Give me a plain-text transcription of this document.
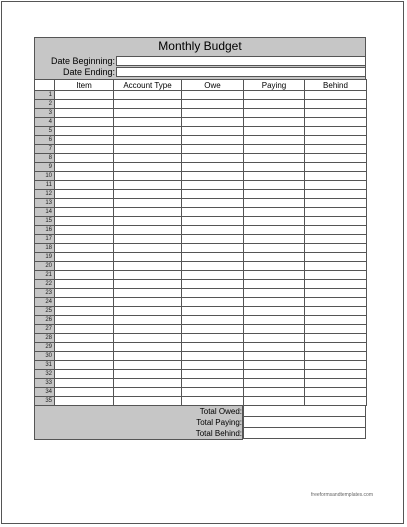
Monthly Budget
Date Beginning:
Date Ending:
	Item	Account Type	Owe	Paying	Behind
1					
2					
3					
4					
5					
6					
7					
8					
9					
10					
11					
12					
13					
14					
15					
16					
17					
18					
19					
20					
21					
22					
23					
24					
25					
26					
27					
28					
29					
30					
31					
32					
33					
34					
35					
Total Owed:
Total Paying:
Total Behind:
freeformsandtemplates.com
